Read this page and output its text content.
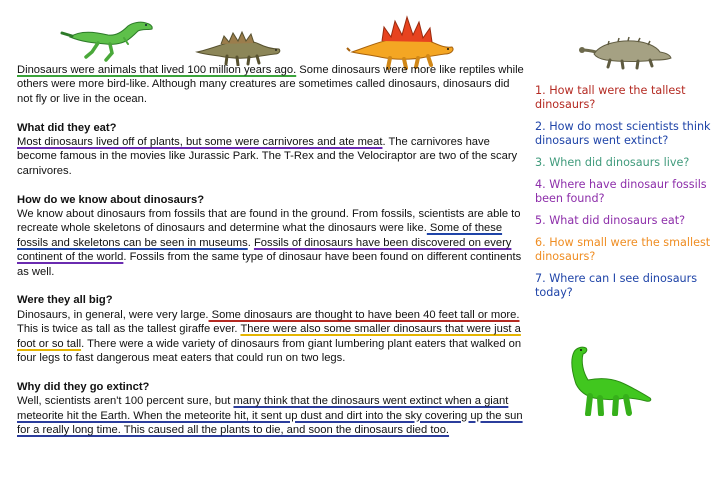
Dinosaurs were animals that lived 100 million years ago. Some dinosaurs were more like reptiles while others were more bird-like. Although many creatures are sometimes called dinosaurs, dinosaurs did not fly or live in the ocean.

What did they eat?

Most dinosaurs lived off of plants, but some were carnivores and ate meat. The carnivores have become famous in the movies like Jurassic Park. The T-Rex and the Velociraptor are two of the scary carnivores.

How do we know about dinosaurs?

We know about dinosaurs from fossils that are found in the ground. From fossils, scientists are able to recreate whole skeletons of dinosaurs and determine what the dinosaurs were like. Some of these fossils and skeletons can be seen in museums. Fossils of dinosaurs have been discovered on every continent of the world. Fossils from the same type of dinosaur have been found on different continents as well.

Were they all big?

Dinosaurs, in general, were very large. Some dinosaurs are thought to have been 40 feet tall or more. This is twice as tall as the tallest giraffe ever. There were also some smaller dinosaurs that were just a foot or so tall. There were a wide variety of dinosaurs from giant lumbering plant eaters that walked on four legs to fast dangerous meat eaters that could run on two legs.

Why did they go extinct?

Well, scientists aren't 100 percent sure, but many think that the dinosaurs went extinct when a giant meteorite hit the Earth. When the meteorite hit, it sent up dust and dirt into the sky covering up the sun for a really long time. This caused all the plants to die, and soon the dinosaurs died too.

1. How tall were the tallest dinosaurs?
2. How do most scientists think dinosaurs went extinct?
3. When did dinosaurs live?
4. Where have dinosaur fossils been found?
5. What did dinosaurs eat?
6. How small were the smallest dinosaurs?
7. Where can I see dinosaurs today?
